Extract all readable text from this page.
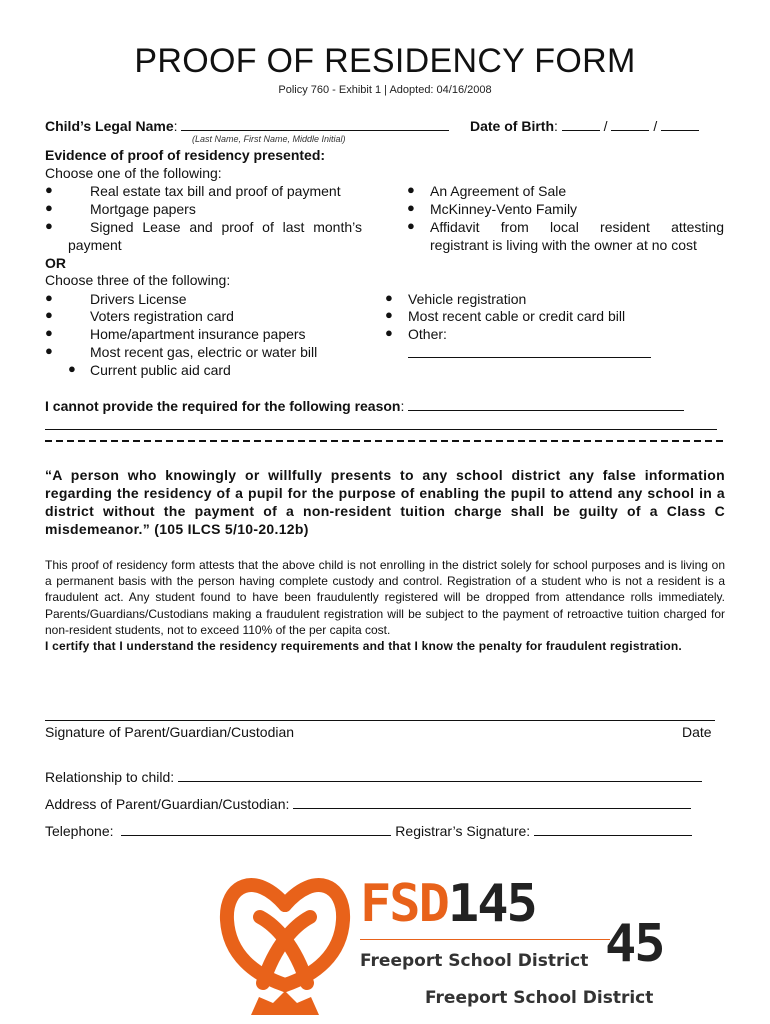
PROOF OF RESIDENCY FORM
Policy 760 - Exhibit 1 | Adopted: 04/16/2008
Child’s Legal Name:
(Last Name, First Name, Middle Initial)
Date of Birth:	/	/
Evidence of proof of residency presented:
Choose one of the following:
●	Real estate tax bill and proof of payment
●	Mortgage papers
●	Signed Lease and proof of last month’s
payment
● An Agreement of Sale
● McKinney-Vento Family
● Affidavit from local resident attesting
registrant is living with the owner at no cost
OR
Choose three of the following:
●	Drivers License
●	Voters registration card
●	Home/apartment insurance papers
●	Most recent gas, electric or water bill
● Current public aid card
● Vehicle registration
● Most recent cable or credit card bill
● Other:
I cannot provide the required for the following reason:
“A person who knowingly or willfully presents to any school district any false information regarding the residency of a pupil for the purpose of enabling the pupil to attend any school in a district without the payment of a non-resident tuition charge shall be guilty of a Class C misdemeanor.” (105 ILCS 5/10-20.12b)
This proof of residency form attests that the above child is not enrolling in the district solely for school purposes and is living on a permanent basis with the person having complete custody and control. Registration of a student who is not a resident is a fraudulent act. Any student found to have been fraudulently registered will be dropped from attendance rolls immediately. Parents/Guardians/Custodians making a fraudulent registration will be subject to the payment of retroactive tuition charged for non-resident students, not to exceed 110% of the per capita cost.
I certify that I understand the residency requirements and that I know the penalty for fraudulent registration.
Signature of Parent/Guardian/Custodian	Date
Relationship to child:
Address of Parent/Guardian/Custodian:
Telephone:	Registrar’s Signature:
FSD145
Freeport School District 45
Freeport School District
